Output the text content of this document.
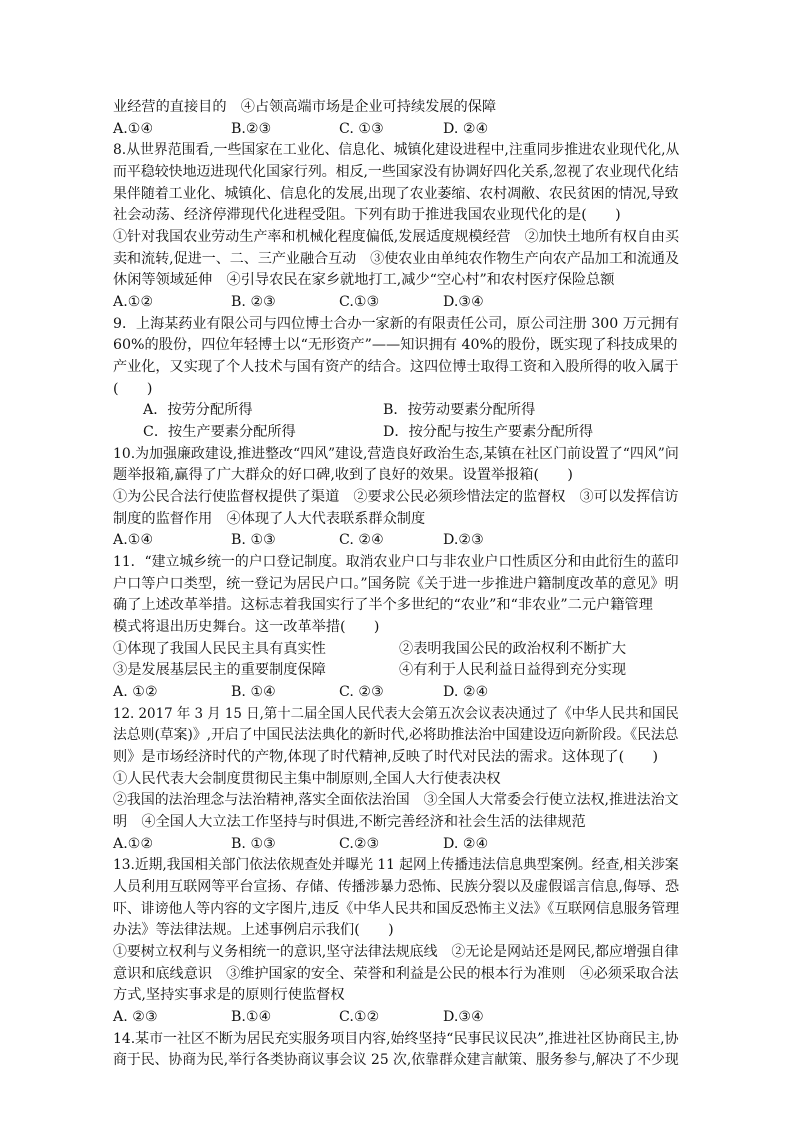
业经营的直接目的　④占领高端市场是企业可持续发展的保障
8.从世界范围看,一些国家在工业化、信息化、城镇化建设进程中,注重同步推进农业现代化,从
而平稳较快地迈进现代化国家行列。相反,一些国家没有协调好四化关系,忽视了农业现代化结
果伴随着工业化、城镇化、信息化的发展,出现了农业萎缩、农村凋敝、农民贫困的情况,导致
社会动荡、经济停滞现代化进程受阻。下列有助于推进我国农业现代化的是(　　)
①针对我国农业劳动生产率和机械化程度偏低,发展适度规模经营　②加快土地所有权自由买
卖和流转,促进一、二、三产业融合互动　③使农业由单纯农作物生产向农产品加工和流通及
休闲等领域延伸　④引导农民在家乡就地打工,减少“空心村”和农村医疗保险总额
9．上海某药业有限公司与四位博士合办一家新的有限责任公司，原公司注册 300 万元拥有
60%的股份，四位年轻博士以“无形资产”——知识拥有 40%的股份，既实现了科技成果的
产业化，又实现了个人技术与国有资产的结合。这四位博士取得工资和入股所得的收入属于
(　　)
10.为加强廉政建设,推进整改“四风”建设,营造良好政治生态,某镇在社区门前设置了“四风”问
题举报箱,赢得了广大群众的好口碑,收到了良好的效果。设置举报箱(　　)
①为公民合法行使监督权提供了渠道　②要求公民必须珍惜法定的监督权　③可以发挥信访
制度的监督作用　④体现了人大代表联系群众制度
11．“建立城乡统一的户口登记制度。取消农业户口与非农业户口性质区分和由此衍生的蓝印
户口等户口类型，统一登记为居民户口。”国务院《关于进一步推进户籍制度改革的意见》明
确了上述改革举措。这标志着我国实行了半个多世纪的“农业”和“非农业”二元户籍管理
模式将退出历史舞台。这一改革举措(　　)
12. 2017 年 3 月 15 日,第十二届全国人民代表大会第五次会议表决通过了《中华人民共和国民
法总则(草案)》,开启了中国民法法典化的新时代,必将助推法治中国建设迈向新阶段。《民法总
则》是市场经济时代的产物,体现了时代精神,反映了时代对民法的需求。这体现了(　　)
①人民代表大会制度贯彻民主集中制原则,全国人大行使表决权
②我国的法治理念与法治精神,落实全面依法治国　③全国人大常委会行使立法权,推进法治文
明　④全国人大立法工作坚持与时俱进,不断完善经济和社会生活的法律规范
13.近期,我国相关部门依法依规查处并曝光 11 起网上传播违法信息典型案例。经查,相关涉案
人员利用互联网等平台宣扬、存储、传播涉暴力恐怖、民族分裂以及虚假谣言信息,侮辱、恐
吓、诽谤他人等内容的文字图片,违反《中华人民共和国反恐怖主义法》《互联网信息服务管理
办法》等法律法规。上述事例启示我们(　　)
①要树立权利与义务相统一的意识,坚守法律法规底线　②无论是网站还是网民,都应增强自律
意识和底线意识　③维护国家的安全、荣誉和利益是公民的根本行为准则　④必须采取合法
方式,坚持实事求是的原则行使监督权
14.某市一社区不断为居民充实服务项目内容,始终坚持“民事民议民决”,推进社区协商民主,协
商于民、协商为民,举行各类协商议事会议 25 次,依靠群众建言献策、服务参与,解决了不少现
A.①④	B.②③	C. ①③	D. ②④
A.①②	B. ②③	C.①③	D.③④
A．按劳分配所得	B．按劳动要素分配所得
C．按生产要素分配所得	D．按分配与按生产要素分配所得
A.①④	B. ①③	C. ②④	D.②③
①体现了我国人民民主具有真实性	②表明我国公民的政治权利不断扩大
③是发展基层民主的重要制度保障	④有利于人民利益日益得到充分实现
A. ①②	B. ①④	C. ②③	D. ②④
A.①②	B. ①③	C.②③	D. ②④
A. ②③	B.①④	C.①②	D.③④
